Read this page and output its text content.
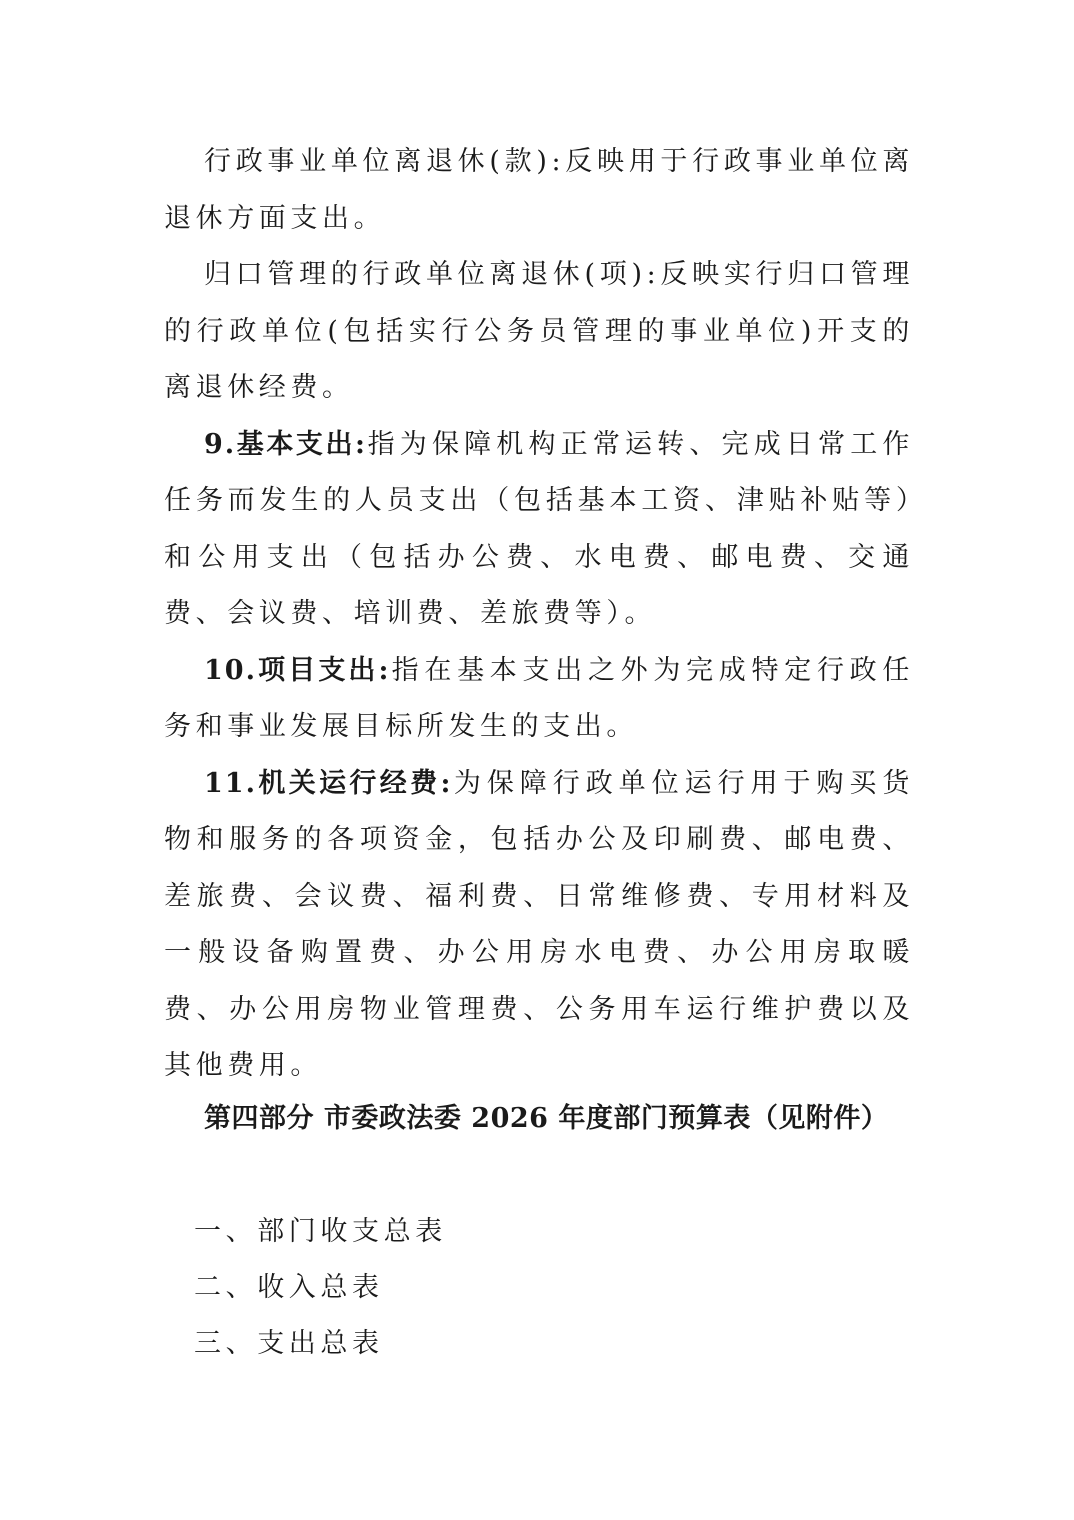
行政事业单位离退休(款):反映用于行政事业单位离退休方面支出。

归口管理的行政单位离退休(项):反映实行归口管理的行政单位(包括实行公务员管理的事业单位)开支的离退休经费。

9.基本支出:指为保障机构正常运转、完成日常工作任务而发生的人员支出（包括基本工资、津贴补贴等）和公用支出（包括办公费、水电费、邮电费、交通费、会议费、培训费、差旅费等）。

10.项目支出:指在基本支出之外为完成特定行政任务和事业发展目标所发生的支出。

11.机关运行经费:为保障行政单位运行用于购买货物和服务的各项资金，包括办公及印刷费、邮电费、差旅费、会议费、福利费、日常维修费、专用材料及一般设备购置费、办公用房水电费、办公用房取暖费、办公用房物业管理费、公务用车运行维护费以及其他费用。

第四部分 市委政法委 2026 年度部门预算表（见附件）
一、部门收支总表
二、收入总表
三、支出总表
